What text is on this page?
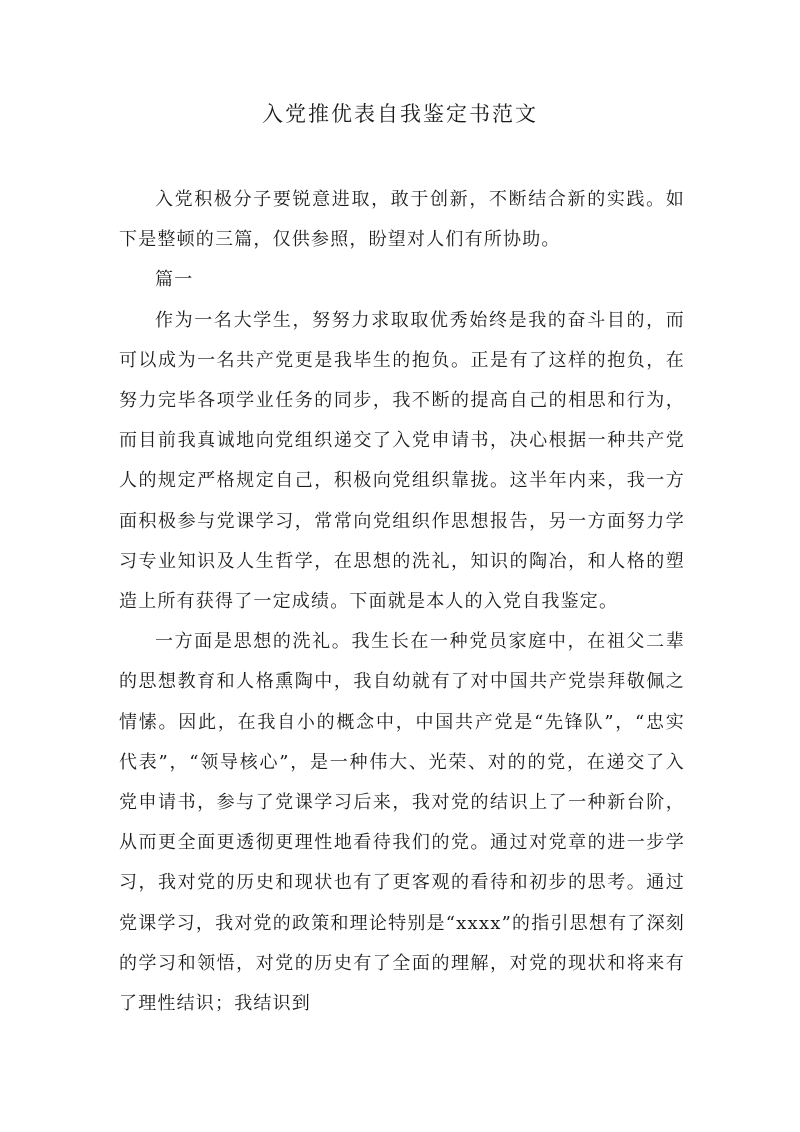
入党推优表自我鉴定书范文

入党积极分子要锐意进取，敢于创新，不断结合新的实践。如下是整顿的三篇，仅供参照，盼望对人们有所协助。

篇一

作为一名大学生，努努力求取取优秀始终是我的奋斗目的，而可以成为一名共产党更是我毕生的抱负。正是有了这样的抱负，在努力完毕各项学业任务的同步，我不断的提高自己的相思和行为，而目前我真诚地向党组织递交了入党申请书，决心根据一种共产党人的规定严格规定自己，积极向党组织靠拢。这半年内来，我一方面积极参与党课学习，常常向党组织作思想报告，另一方面努力学习专业知识及人生哲学，在思想的洗礼，知识的陶冶，和人格的塑造上所有获得了一定成绩。下面就是本人的入党自我鉴定。

一方面是思想的洗礼。我生长在一种党员家庭中，在祖父二辈的思想教育和人格熏陶中，我自幼就有了对中国共产党崇拜敬佩之情愫。因此，在我自小的概念中，中国共产党是“先锋队”，“忠实代表”，“领导核心”，是一种伟大、光荣、对的的党，在递交了入党申请书，参与了党课学习后来，我对党的结识上了一种新台阶，从而更全面更透彻更理性地看待我们的党。通过对党章的进一步学习，我对党的历史和现状也有了更客观的看待和初步的思考。通过党课学习，我对党的政策和理论特别是“xxxx”的指引思想有了深刻的学习和领悟，对党的历史有了全面的理解，对党的现状和将来有了理性结识；我结识到
